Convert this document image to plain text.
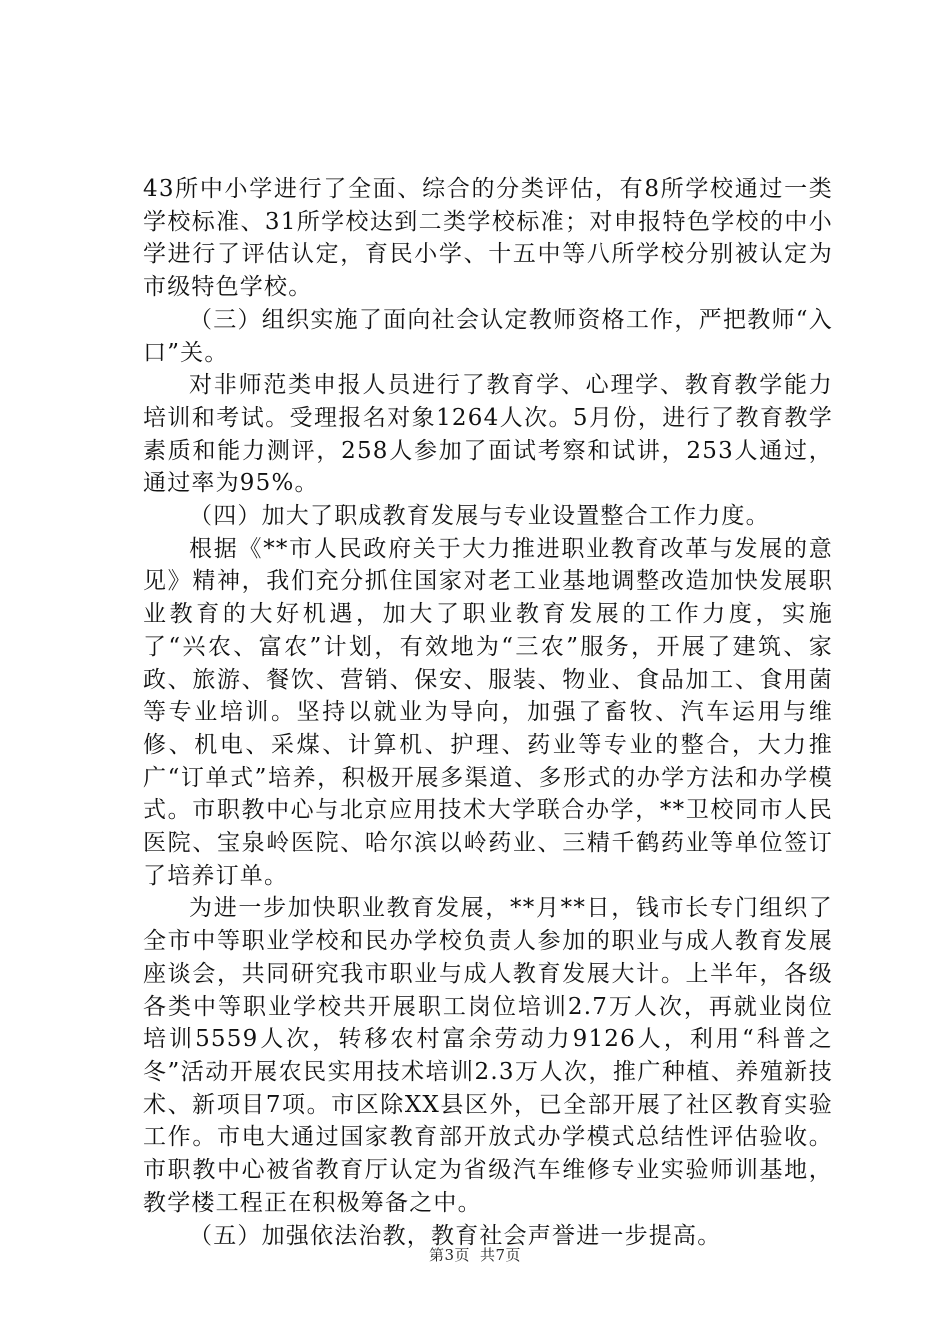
43所中小学进行了全面、综合的分类评估，有8所学校通过一类学校标准、31所学校达到二类学校标准；对申报特色学校的中小学进行了评估认定，育民小学、十五中等八所学校分别被认定为市级特色学校。

（三）组织实施了面向社会认定教师资格工作，严把教师“入口”关。

对非师范类申报人员进行了教育学、心理学、教育教学能力培训和考试。受理报名对象1264人次。5月份，进行了教育教学素质和能力测评，258人参加了面试考察和试讲，253人通过，通过率为95%。

（四）加大了职成教育发展与专业设置整合工作力度。

根据《**市人民政府关于大力推进职业教育改革与发展的意见》精神，我们充分抓住国家对老工业基地调整改造加快发展职业教育的大好机遇，加大了职业教育发展的工作力度，实施了“兴农、富农”计划，有效地为“三农”服务，开展了建筑、家政、旅游、餐饮、营销、保安、服装、物业、食品加工、食用菌等专业培训。坚持以就业为导向，加强了畜牧、汽车运用与维修、机电、采煤、计算机、护理、药业等专业的整合，大力推广“订单式”培养，积极开展多渠道、多形式的办学方法和办学模式。市职教中心与北京应用技术大学联合办学，**卫校同市人民医院、宝泉岭医院、哈尔滨以岭药业、三精千鹤药业等单位签订了培养订单。

为进一步加快职业教育发展，**月**日，钱市长专门组织了全市中等职业学校和民办学校负责人参加的职业与成人教育发展座谈会，共同研究我市职业与成人教育发展大计。上半年，各级各类中等职业学校共开展职工岗位培训2.7万人次，再就业岗位培训5559人次，转移农村富余劳动力9126人，利用“科普之冬”活动开展农民实用技术培训2.3万人次，推广种植、养殖新技术、新项目7项。市区除XX县区外，已全部开展了社区教育实验工作。市电大通过国家教育部开放式办学模式总结性评估验收。市职教中心被省教育厅认定为省级汽车维修专业实验师训基地，教学楼工程正在积极筹备之中。

（五）加强依法治教，教育社会声誉进一步提高。

第3页 共7页
